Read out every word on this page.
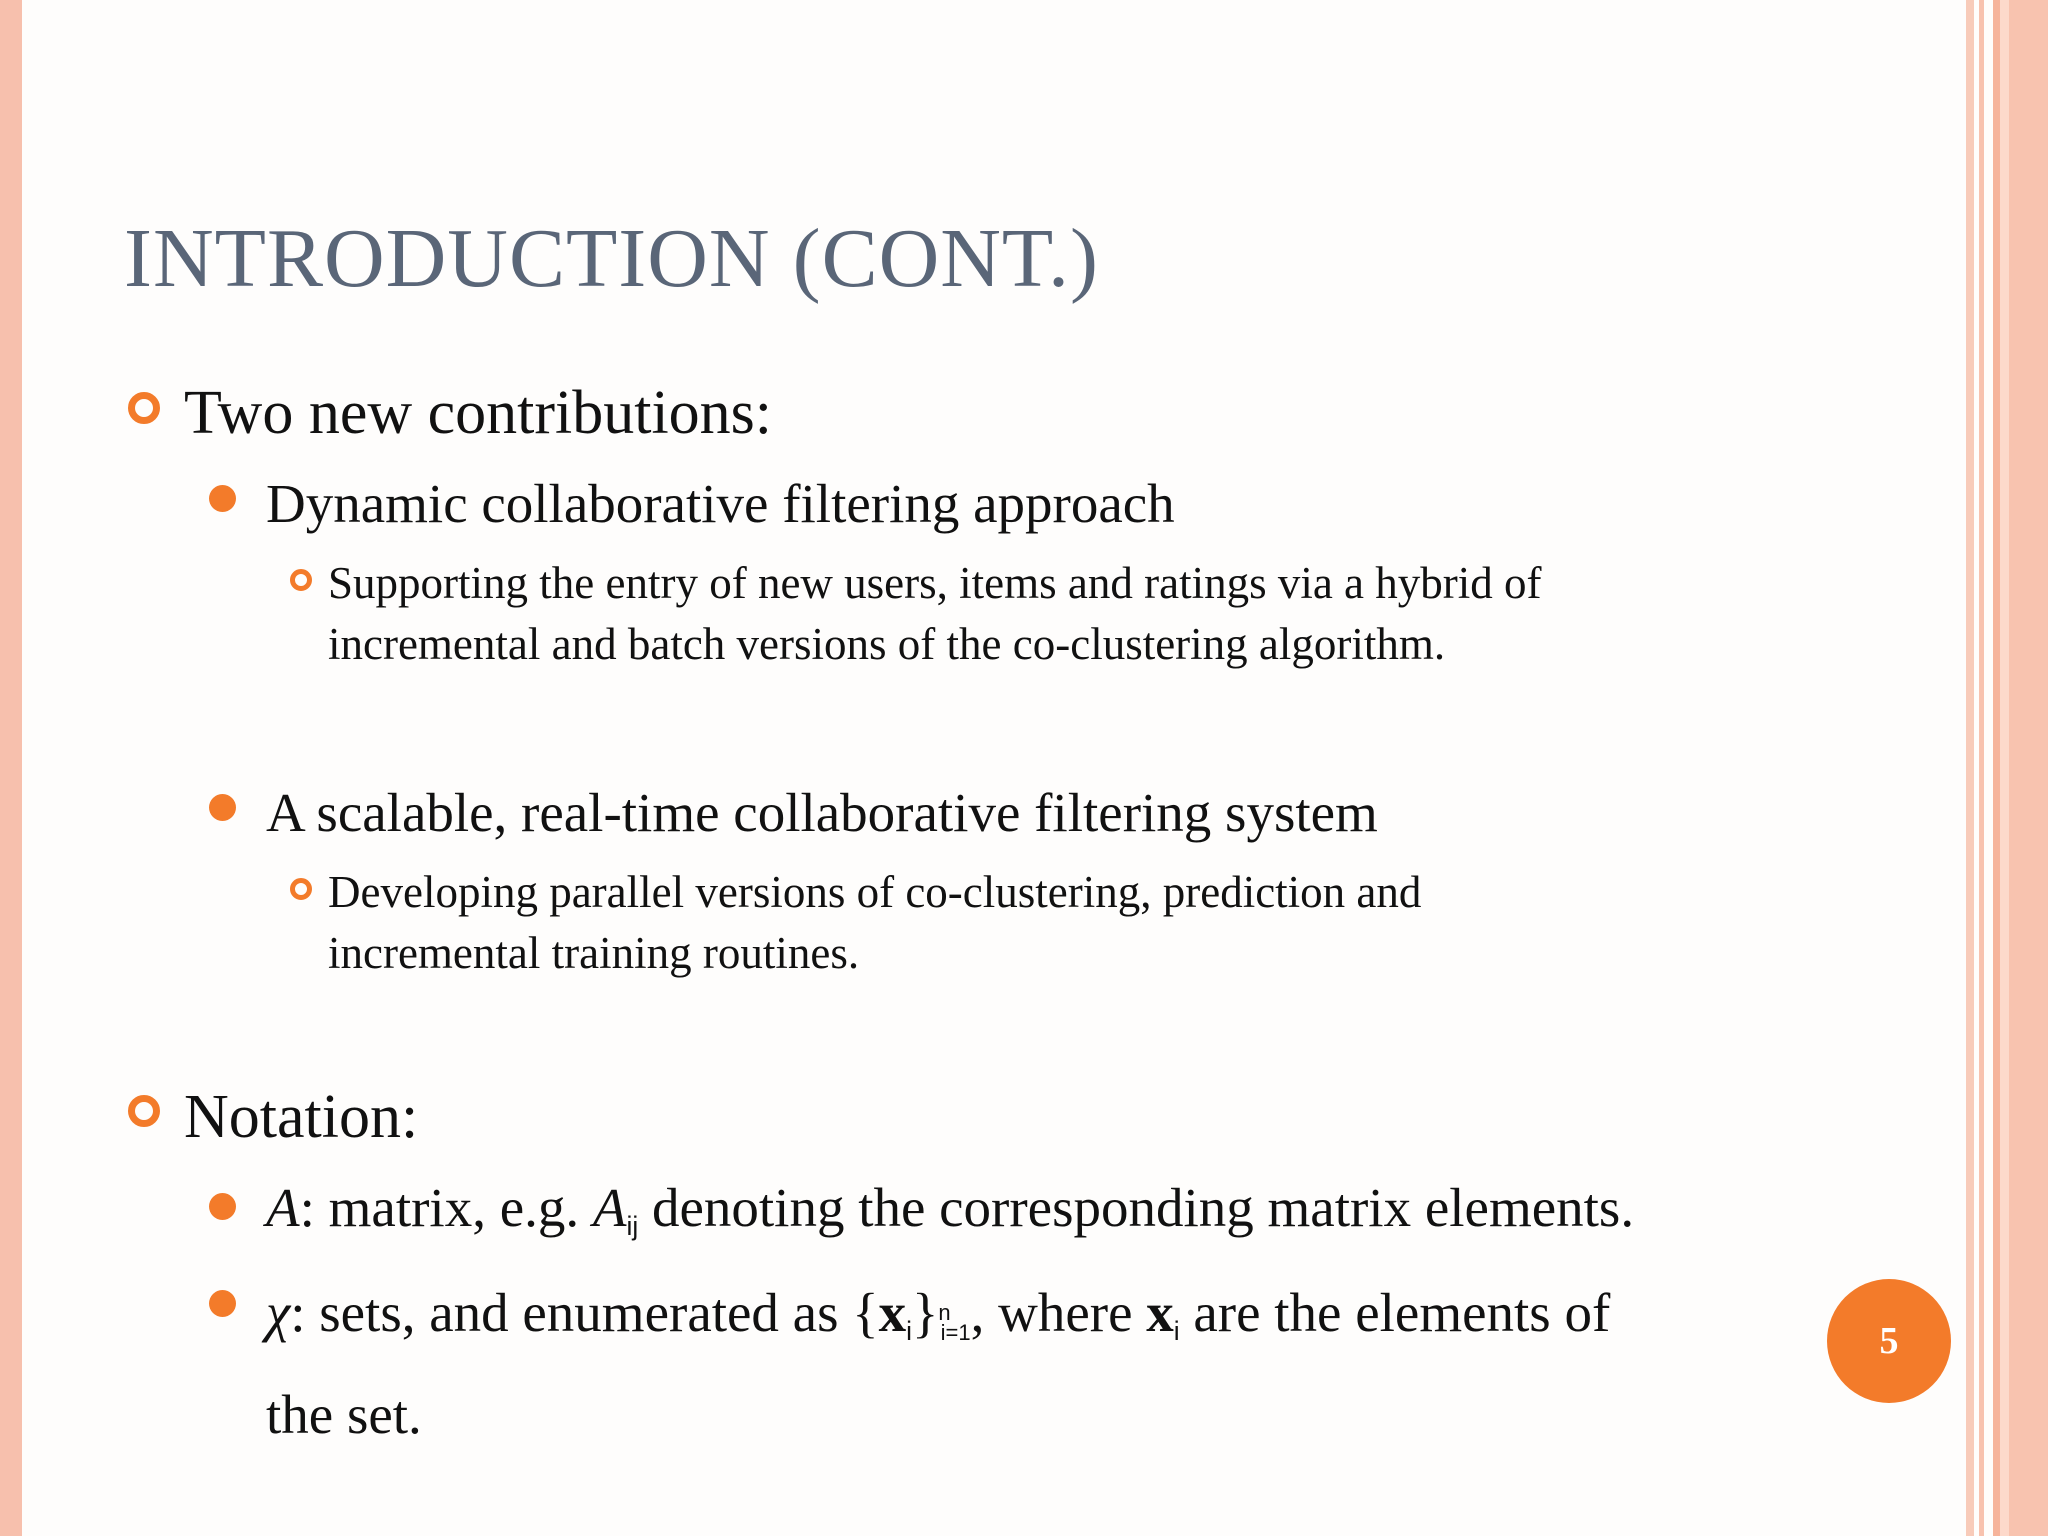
INTRODUCTION (CONT.)
Two new contributions:
Dynamic collaborative filtering approach
Supporting the entry of new users, items and ratings via a hybrid of
incremental and batch versions of the co-clustering algorithm.
A scalable, real-time collaborative filtering system
Developing parallel versions of co-clustering, prediction and
incremental training routines.
Notation:
A: matrix, e.g. $A_{ij}$ denoting the corresponding matrix elements.
χ: sets, and enumerated as $\{x_i\}^ni=1$, where $x_i$ are the elements of
the set.
5
